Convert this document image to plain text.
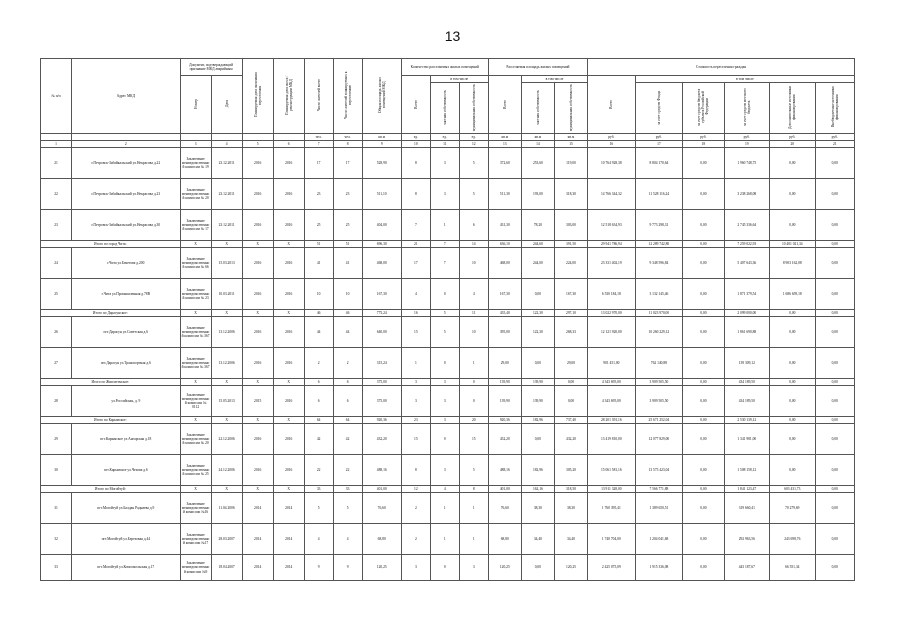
13
№ п/п	Адрес МКД	Документ, подтверждающий признание МКД аварийным		Планируемая дата окончания переселения	Планируемая дата сноса / реконструкции МКД	Число жителей всего	Число жителей планируемых к переселению	Общая площадь жилых помещений МКД	Количество расселяемых жилых помещений			Расселяемая площадь жилых помещений			Стоимость переселения граждан					
		Номер	Дата						Всего	в том числе		Всего	в том числе		Всего	в том числе				
										частная собственность	муниципальная собственность		частная собственность	муниципальная собственность		за счет средств Фонда	за счет средств бюджета субъекта Российской Федерации	за счет средств местного бюджета	Дополнительные источники финансирования	Внебюджетные источники финансирования
						чел.	чел.	кв.м	ед.	ед.	ед.	кв.м	кв.м	кв.м	руб.	руб.	руб.	руб.	руб.	руб.
1	2	3	4	5	6	7	8	9	10	11	12	13	14	15	16	17	18	19	20	21
21	г.Петровск-Забайкальский ул.Некрасова д.22	Заключение межведомственной комиссии № 19	23.12.2011	2016	2016	17	17	528,90	8	3	5	372,60	253,60	119,00	10 764 928,38	8 804 170,64	0,00	1 960 748,75	0,00	0,00
22	г.Петровск-Забайкальский ул.Некрасова д.23	Заключение межведомственной комиссии № 20	23.12.2011	2016	2016	23	23	511,10	8	3	5	511,30	193,00	318,30	14 766 344,32	11 528 116,24	0,00	3 238 268,08	0,00	0,00
23	г.Петровск-Забайкальский ул.Некрасова д.30	Заключение межведомственной комиссии № 17	23.12.2011	2016	2016	25	25	404,00	7	1	6	431,30	78,20	303,00	12 518 634,93	9 773 298,31	0,00	2 745 336,64	0,00	0,00
Итого по город Чита:		X	X	X	X	51	51	696,30	21	7	14	636,10	244,60	391,50	29 941 786,94	12 289 742,80	0,00	7 259 022,93	10 401 021,34	0,00
24	г.Чита ул.Бекетова д.200	Заключение межведомственной комиссии № 66	15.03.2013	2016	2016	41	41	468,00	17	7	10	468,00	244,00	224,00	23 331 402,19	9 348 596,84	0,00	5 407 643,36	8 903 162,08	0,00
25	г.Чита ул.Промышленная д.78В	Заключение межведомственной комиссии № 23	10.03.2011	2016	2016	10	10	167,30	4	0	4	167,30	0,00	167,30	6 530 184,18	3 132 145,46	0,00	1 871 379,54	1 686 659,18	0,00
Итого по Дарасунское:		X	X	X	X	46	46	775,24	16	5	11	435,40	122,30	297,10	13 022 970,00	11 023 970,00	0,00	2 099 000,00	0,00	0,00
26	пгт.Дарасун ул.Советская д.6	Заключение межведомственной комиссии № 367	13.12.2006	2016	2016	44	44	640,00	15	5	10	395,00	122,30	268,33	12 121 920,00	10 260 229,12	0,00	1 861 690,88	0,00	0,00
27	пгт.Дарасун ул.Транспортная д.6	Заключение межведомственной комиссии № 367	13.12.2006	2016	2016	2	2	315,24	1	0	1	29,00	0,00	29,00	901 451,00	762 140,88	0,00	139 309,12	0,00	0,00
Итого по Жипхегенское:		X	X	X	X	6	6	375,00	3	3	0	139,90	139,90	0,00	4 343 695,00	3 909 505,50	0,00	434 189,50	0,00	0,00
28	ул.Российская, д. 9	Заключение межведомственной комиссии № 0112	15.05.2013	2015	2016	6	6	375,00	3	3	0	139,90	139,90	0,00	4 343 695,00	3 909 505,50	0,00	434 189,50	0,00	0,00
Итого по Карымское:		X	X	X	X	64	64	920,36	23	3	20	920,36	182,96	737,40	28 201 391,16	25 671 252,04	0,00	2 530 139,12	0,00	0,00
29	пгт.Карымское ул.Ангарская д.18	Заключение межведомственной комиссии № 20	22.12.2006	2016	2016	42	42	432,20	15	0	15	432,20	0,00	432,20	13 419 810,00	12 077 829,00	0,00	1 341 981,00	0,00	0,00
30	пгт.Карымское ул.Чехова д.6	Заключение межведомственной комиссии № 25	24.12.2006	2016	2016	22	22	488,16	8	3	5	488,16	182,96	305,20	15 061 581,16	13 573 423,04	0,00	1 508 158,12	0,00	0,00
Итого по Могойтуй:		X	X	X	X	33	33	401,00	12	4	8	401,00	162,16	318,50	13 911 328,00	7 566 771,88	0,00	1 841 123,47	603 431,73	0,00
31	пгт.Могойтуй ул.Балдан Раднаева д.9	Заключение межведомственной комиссии №16	11.04.2006	2014	2014	5	5	76,60	2	1	1	76,60	38,30	38,30	1 760 395,41	1 389 650,51	0,00	319 660,41	70 279,69	0,00
32	пгт.Могойтуй ул.Березовая д.44	Заключение межведомственной комиссии №17	28.03.2007	2014	2014	4	4	68,80	2	1	1	68,80	34,40	34,40	1 740 704,00	1 204 041,68	0,00	292 963,56	243 698,76	0,00
33	пгт.Могойтуй ул.Комсомольская д.17	Заключение межведомственной комиссии №9	18.04.2007	2014	2014	9	9	120,25	3	0	3	120,25	0,00	120,25	2 425 075,09	1 915 336,08	0,00	443 187,67	66 551,34	0,00
